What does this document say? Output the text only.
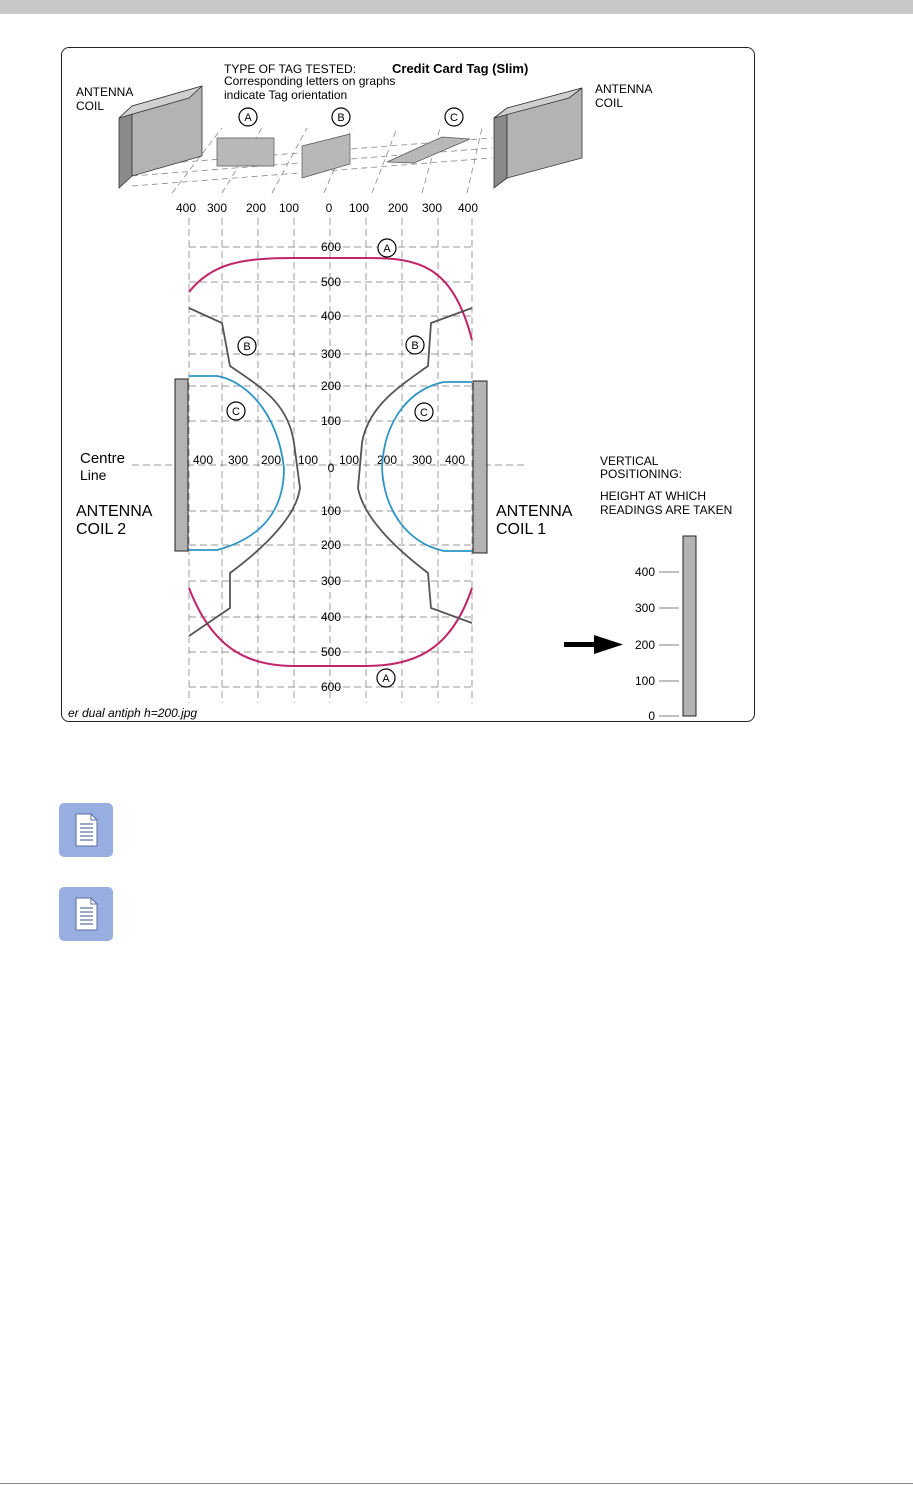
TYPE OF TAG TESTED:	Credit Card Tag (Slim)
Corresponding letters on graphs
indicate Tag orientation
ANTENNA
COIL
ANTENNA
COIL
A	B	C
400 300 200 100 0 100 200 300 400
600
500
400
300
200
100
0
100
200
300
400
500
600
400 300 200 100 100 200 300 400
A
A
B	B
C	C
Centre
Line
ANTENNA
COIL 2
ANTENNA
COIL 1
VERTICAL
POSITIONING:
HEIGHT AT WHICH
READINGS ARE TAKEN
400
300
200
100
0
er dual antiph h=200.jpg
